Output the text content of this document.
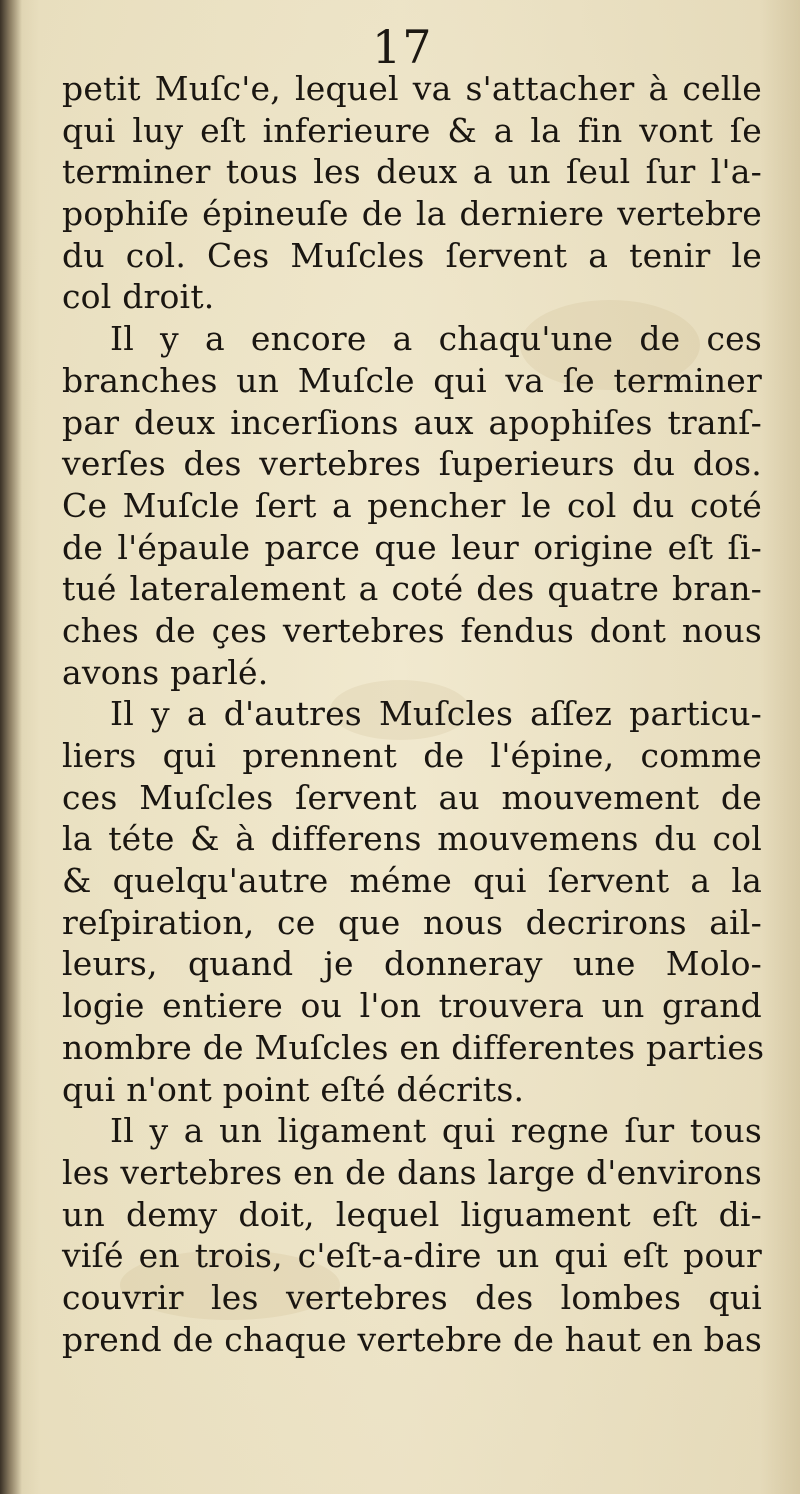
17
petit Muſc'e, lequel va s'attacher à celle
qui luy eſt inferieure & a la fin vont ſe
terminer tous les deux a un ſeul ſur l'a-
pophiſe épineuſe de la derniere vertebre
du col. Ces Muſcles ſervent a tenir le
col droit.
Il y a encore a chaqu'une de ces
branches un Muſcle qui va ſe terminer
par deux incerſions aux apophiſes tranſ-
verſes des vertebres ſuperieurs du dos.
Ce Muſcle ſert a pencher le col du coté
de l'épaule parce que leur origine eſt ſi-
tué lateralement a coté des quatre bran-
ches de çes vertebres fendus dont nous
avons parlé.
Il y a d'autres Muſcles aſſez particu-
liers qui prennent de l'épine, comme
ces Muſcles ſervent au mouvement de
la téte & à differens mouvemens du col
& quelqu'autre méme qui ſervent a la
reſpiration, ce que nous decrirons ail-
leurs, quand je donneray une Molo-
logie entiere ou l'on trouvera un grand
nombre de Muſcles en differentes parties
qui n'ont point eſté décrits.
Il y a un ligament qui regne ſur tous
les vertebres en de dans large d'environs
un demy doit, lequel liguament eſt di-
viſé en trois, c'eſt-a-dire un qui eſt pour
couvrir les vertebres des lombes qui
prend de chaque vertebre de haut en bas
